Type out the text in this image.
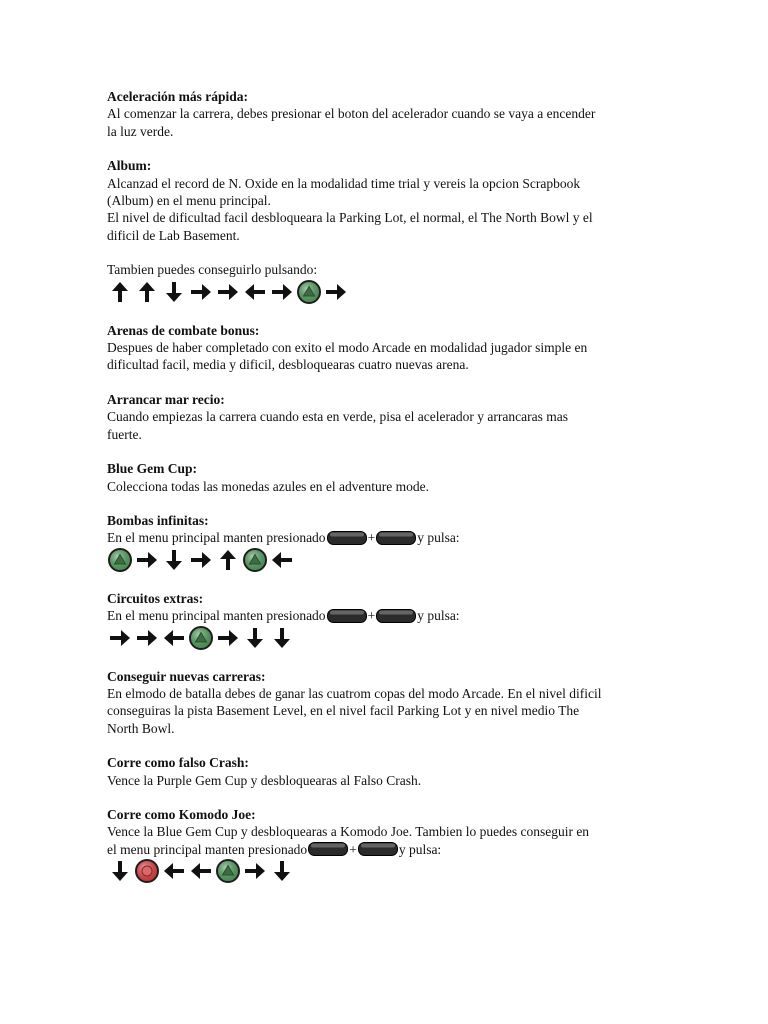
Aceleración más rápida:
Al comenzar la carrera, debes presionar el boton del acelerador cuando se vaya a encender
la luz verde.
Album:
Alcanzad el record de N. Oxide en la modalidad time trial y vereis la opcion Scrapbook
(Album) en el menu principal.
El nivel de dificultad facil desbloqueara la Parking Lot, el normal, el The North Bowl y el
dificil de Lab Basement.
Tambien puedes conseguirlo pulsando:
Arenas de combate bonus:
Despues de haber completado con exito el modo Arcade en modalidad jugador simple en
dificultad facil, media y dificil, desbloquearas cuatro nuevas arena.
Arrancar mar recio:
Cuando empiezas la carrera cuando esta en verde, pisa el acelerador y arrancaras mas
fuerte.
Blue Gem Cup:
Colecciona todas las monedas azules en el adventure mode.
Bombas infinitas:
En el menu principal manten presionado	+	y pulsa:
Circuitos extras:
En el menu principal manten presionado	+	y pulsa:
Conseguir nuevas carreras:
En elmodo de batalla debes de ganar las cuatrom copas del modo Arcade. En el nivel dificil
conseguiras la pista Basement Level, en el nivel facil Parking Lot y en nivel medio The
North Bowl.
Corre como falso Crash:
Vence la Purple Gem Cup y desbloquearas al Falso Crash.
Corre como Komodo Joe:
Vence la Blue Gem Cup y desbloquearas a Komodo Joe. Tambien lo puedes conseguir en
el menu principal manten presionado	+	y pulsa:
